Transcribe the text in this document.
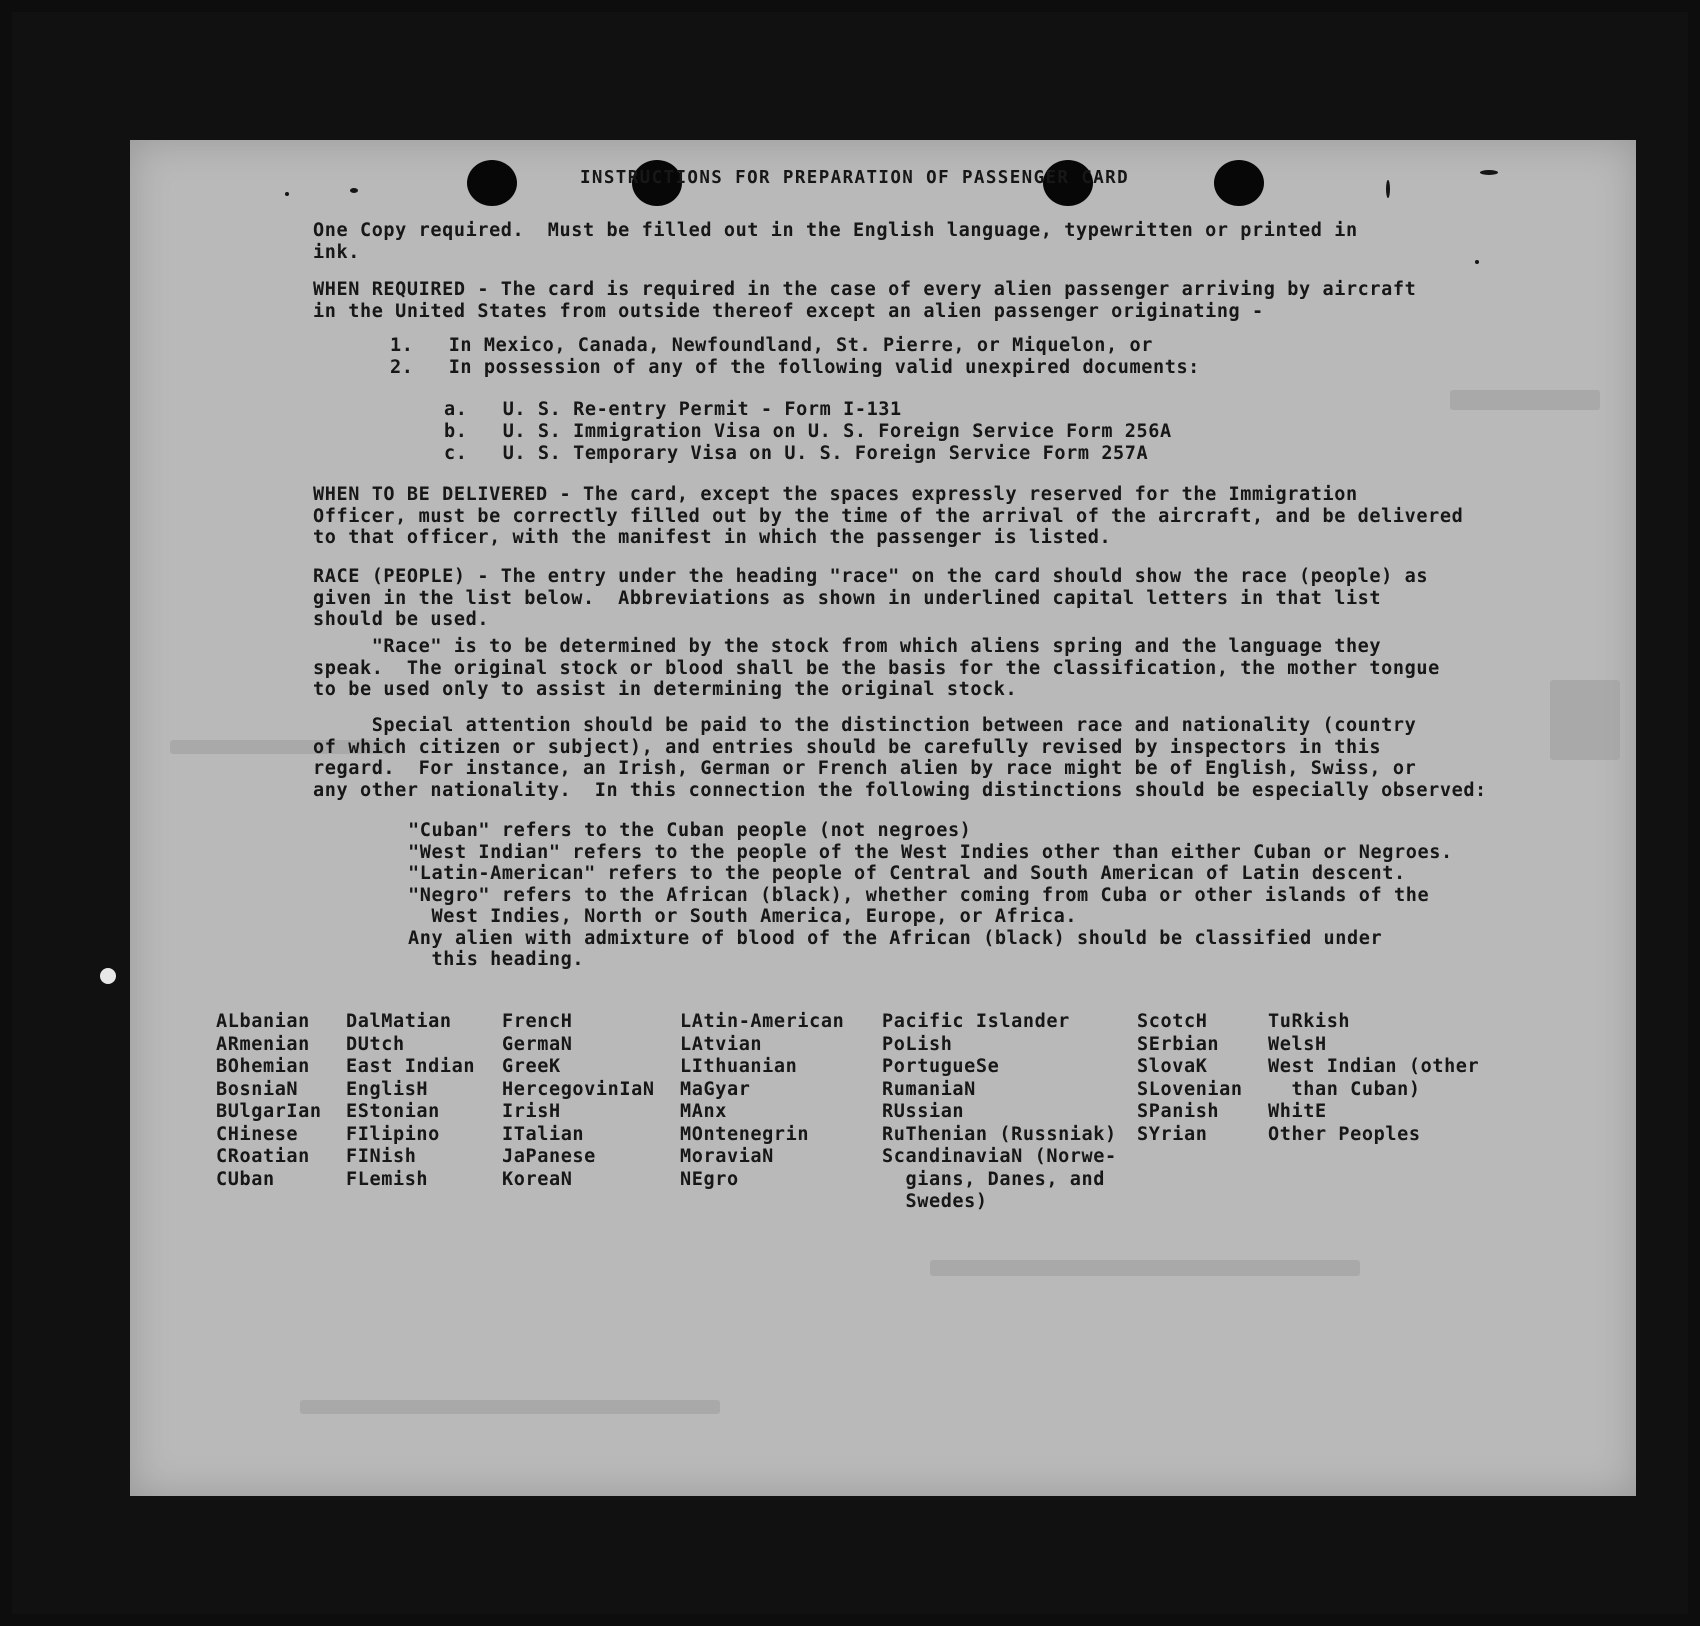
INSTRUCTIONS FOR PREPARATION OF PASSENGER CARD

One Copy required.  Must be filled out in the English language, typewritten or printed in
ink.

WHEN REQUIRED - The card is required in the case of every alien passenger arriving by aircraft
in the United States from outside thereof except an alien passenger originating -

1.   In Mexico, Canada, Newfoundland, St. Pierre, or Miquelon, or

2.   In possession of any of the following valid unexpired documents:

a.   U. S. Re-entry Permit - Form I-131

b.   U. S. Immigration Visa on U. S. Foreign Service Form 256A

c.   U. S. Temporary Visa on U. S. Foreign Service Form 257A

WHEN TO BE DELIVERED - The card, except the spaces expressly reserved for the Immigration
Officer, must be correctly filled out by the time of the arrival of the aircraft, and be delivered
to that officer, with the manifest in which the passenger is listed.

RACE (PEOPLE) - The entry under the heading "race" on the card should show the race (people) as
given in the list below.  Abbreviations as shown in underlined capital letters in that list
should be used.

"Race" is to be determined by the stock from which aliens spring and the language they
speak.  The original stock or blood shall be the basis for the classification, the mother tongue
to be used only to assist in determining the original stock.

Special attention should be paid to the distinction between race and nationality (country
of which citizen or subject), and entries should be carefully revised by inspectors in this
regard.  For instance, an Irish, German or French alien by race might be of English, Swiss, or
any other nationality.  In this connection the following distinctions should be especially observed:

"Cuban" refers to the Cuban people (not negroes)
"West Indian" refers to the people of the West Indies other than either Cuban or Negroes.
"Latin-American" refers to the people of Central and South American of Latin descent.
"Negro" refers to the African (black), whether coming from Cuba or other islands of the
West Indies, North or South America, Europe, or Africa.
Any alien with admixture of blood of the African (black) should be classified under
this heading.

ALbanian
ARmenian
BOhemian
BosniaN
BUlgarIan
CHinese
CRoatian
CUban
DalMatian
DUtch
East Indian
EnglisH
EStonian
FIlipino
FINish
FLemish
FrencH
GermaN
GreeK
HercegovinIaN
IrisH
ITalian
JaPanese
KoreaN
LAtin-American
LAtvian
LIthuanian
MaGyar
MAnx
MOntenegrin
MoraviaN
NEgro
Pacific Islander
PoLish
PortugueSe
RumaniaN
RUssian
RuThenian (Russniak)
ScandinaviaN (Norwe-
gians, Danes, and
Swedes)
ScotcH
SErbian
SlovaK
SLovenian
SPanish
SYrian
TuRkish
WelsH
West Indian (other
than Cuban)
WhitE
Other Peoples
